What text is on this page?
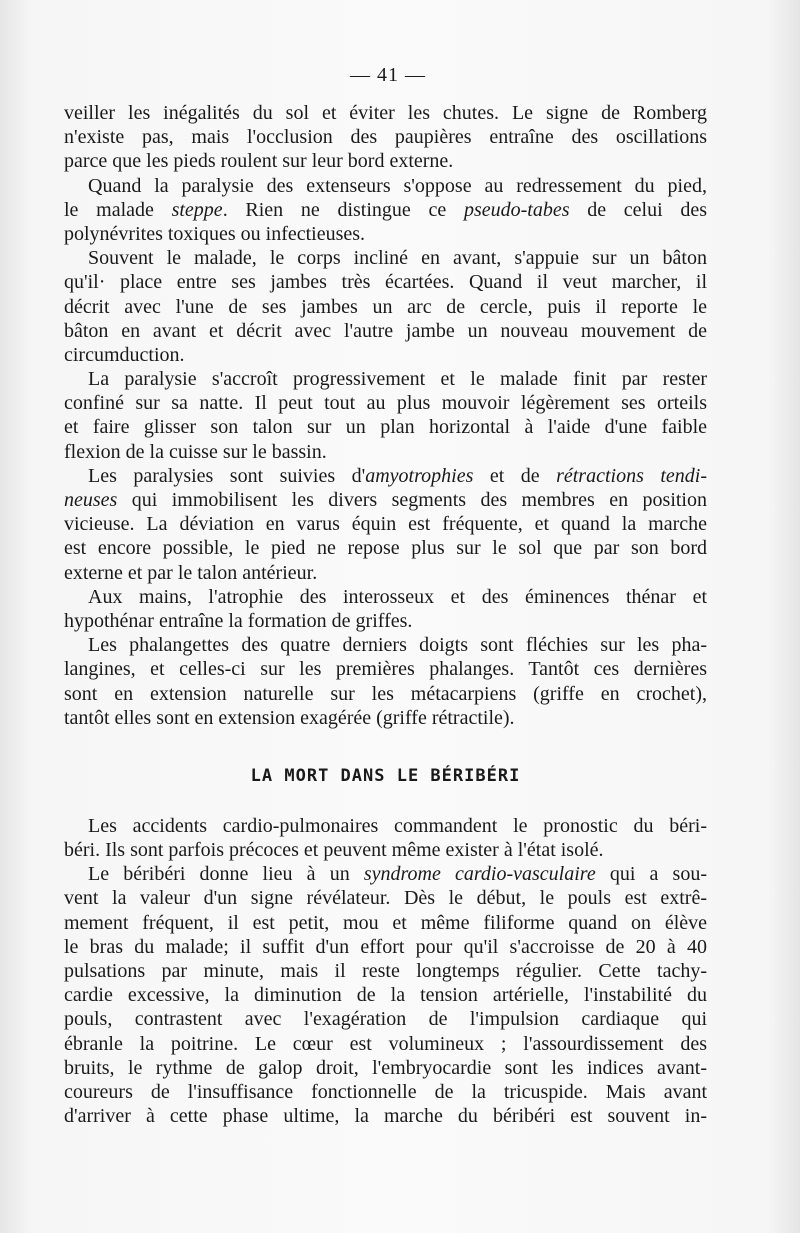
— 41 —
veiller les inégalités du sol et éviter les chutes. Le signe de Romberg
n'existe pas, mais l'occlusion des paupières entraîne des oscillations
parce que les pieds roulent sur leur bord externe.
Quand la paralysie des extenseurs s'oppose au redressement du pied,
le malade steppe. Rien ne distingue ce pseudo-tabes de celui des
polynévrites toxiques ou infectieuses.
Souvent le malade, le corps incliné en avant, s'appuie sur un bâton
qu'il· place entre ses jambes très écartées. Quand il veut marcher, il
décrit avec l'une de ses jambes un arc de cercle, puis il reporte le
bâton en avant et décrit avec l'autre jambe un nouveau mouvement de
circumduction.
La paralysie s'accroît progressivement et le malade finit par rester
confiné sur sa natte. Il peut tout au plus mouvoir légèrement ses orteils
et faire glisser son talon sur un plan horizontal à l'aide d'une faible
flexion de la cuisse sur le bassin.
Les paralysies sont suivies d'amyotrophies et de rétractions tendi-
neuses qui immobilisent les divers segments des membres en position
vicieuse. La déviation en varus équin est fréquente, et quand la marche
est encore possible, le pied ne repose plus sur le sol que par son bord
externe et par le talon antérieur.
Aux mains, l'atrophie des interosseux et des éminences thénar et
hypothénar entraîne la formation de griffes.
Les phalangettes des quatre derniers doigts sont fléchies sur les pha-
langines, et celles-ci sur les premières phalanges. Tantôt ces dernières
sont en extension naturelle sur les métacarpiens (griffe en crochet),
tantôt elles sont en extension exagérée (griffe rétractile).
LA MORT DANS LE BÉRIBÉRI
Les accidents cardio-pulmonaires commandent le pronostic du béri-
béri. Ils sont parfois précoces et peuvent même exister à l'état isolé.
Le béribéri donne lieu à un syndrome cardio-vasculaire qui a sou-
vent la valeur d'un signe révélateur. Dès le début, le pouls est extrê-
mement fréquent, il est petit, mou et même filiforme quand on élève
le bras du malade; il suffit d'un effort pour qu'il s'accroisse de 20 à 40
pulsations par minute, mais il reste longtemps régulier. Cette tachy-
cardie excessive, la diminution de la tension artérielle, l'instabilité du
pouls, contrastent avec l'exagération de l'impulsion cardiaque qui
ébranle la poitrine. Le cœur est volumineux ; l'assourdissement des
bruits, le rythme de galop droit, l'embryocardie sont les indices avant-
coureurs de l'insuffisance fonctionnelle de la tricuspide. Mais avant
d'arriver à cette phase ultime, la marche du béribéri est souvent in-
